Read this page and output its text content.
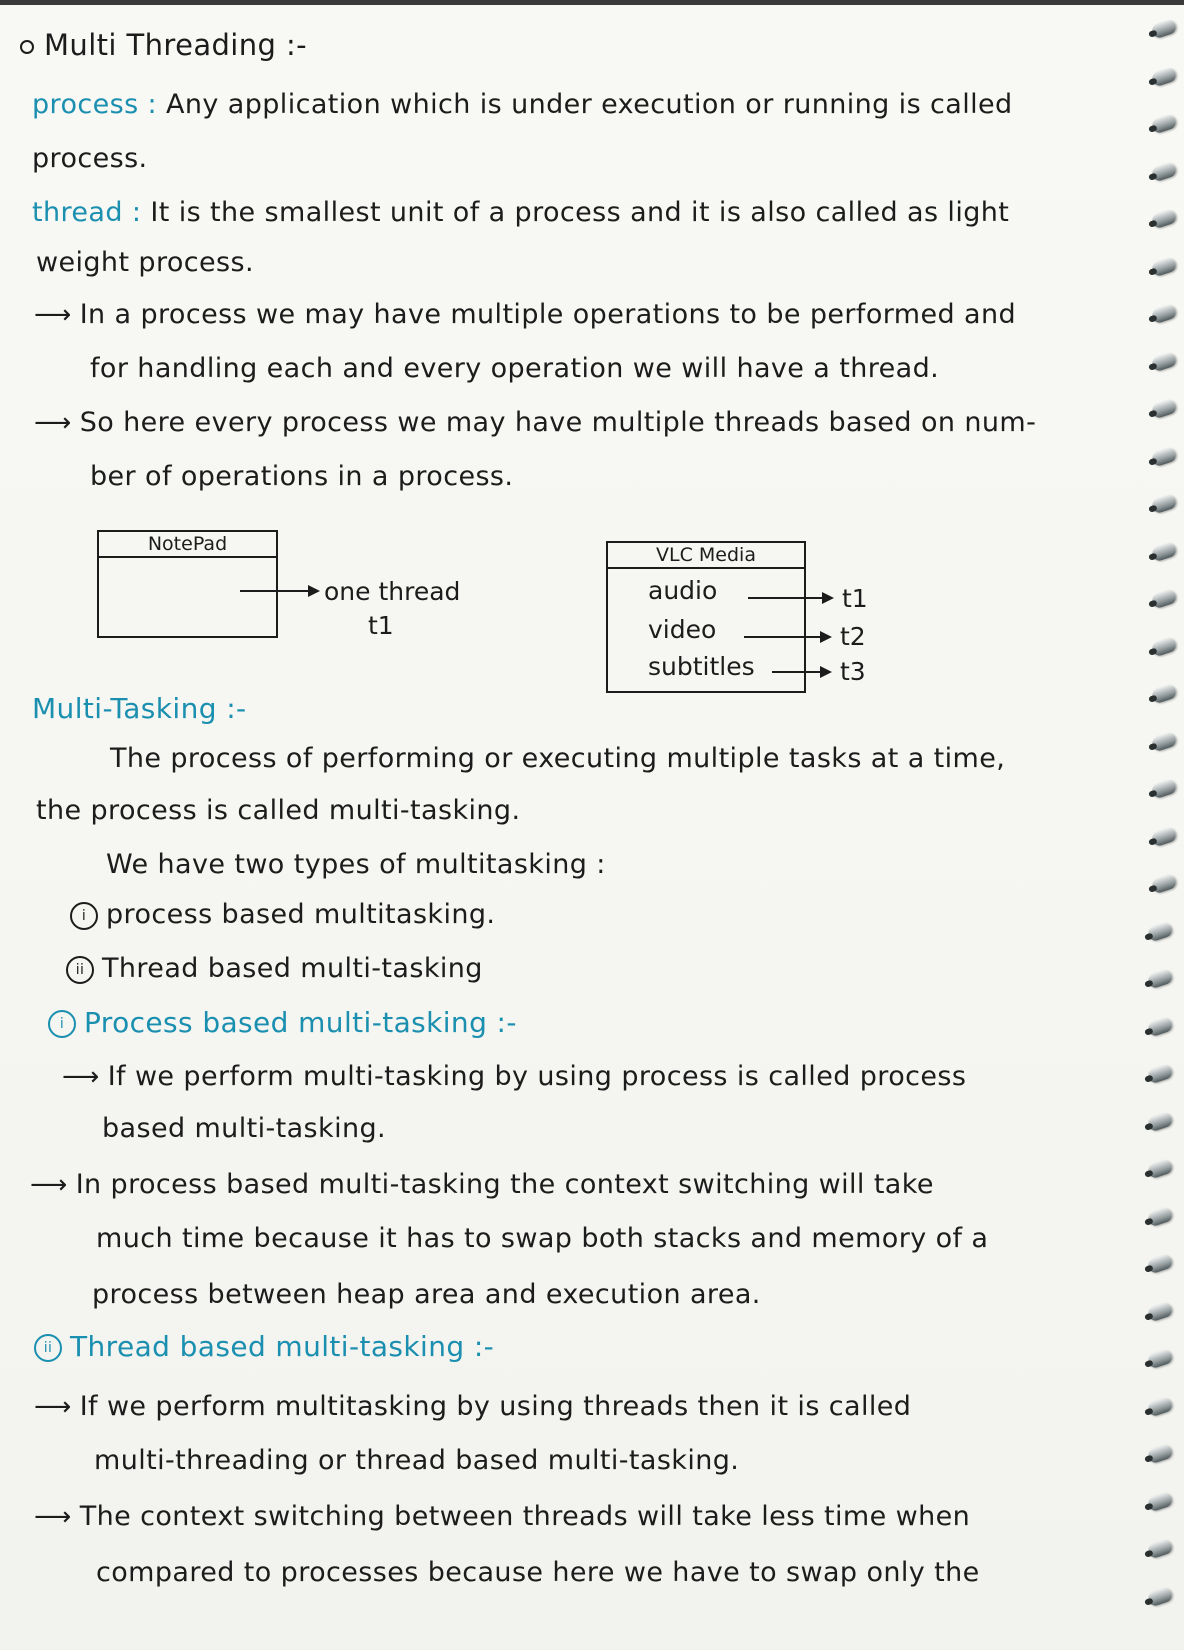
Multi Threading :-
process : Any application which is under execution or running is called
process.
thread : It is the smallest unit of a process and it is also called as light
weight process.
⟶ In a process we may have multiple operations to be performed and
for handling each and every operation we will have a thread.
⟶ So here every process we may have multiple threads based on num-
ber of operations in a process.
NotePad
one thread
t1
VLC Media
audio	t1
video	t2
subtitles	t3
Multi-Tasking :-
The process of performing or executing multiple tasks at a time,
the process is called multi-tasking.
We have two types of multitasking :
i process based multitasking.
ii Thread based multi-tasking
i Process based multi-tasking :-
⟶ If we perform multi-tasking by using process is called process
based multi-tasking.
⟶ In process based multi-tasking the context switching will take
much time because it has to swap both stacks and memory of a
process between heap area and execution area.
ii Thread based multi-tasking :-
⟶ If we perform multitasking by using threads then it is called
multi-threading or thread based multi-tasking.
⟶ The context switching between threads will take less time when
compared to processes because here we have to swap only the
